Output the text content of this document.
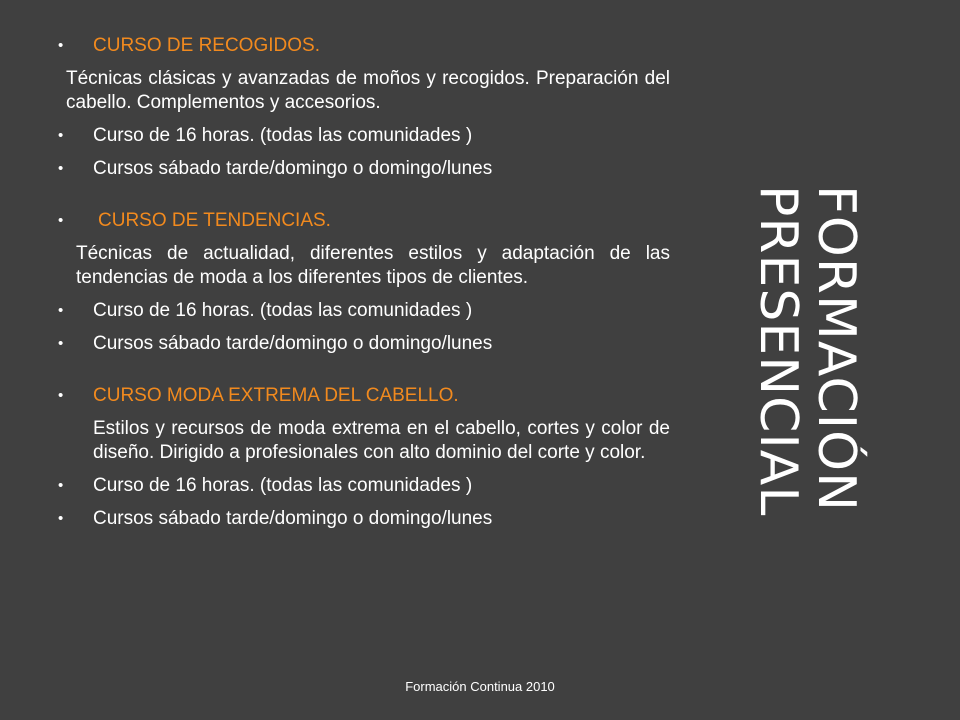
•	CURSO DE RECOGIDOS.
Técnicas clásicas y avanzadas de moños y recogidos. Preparación del cabello. Complementos y accesorios.
•	Curso de 16 horas. (todas las comunidades )
•	Cursos sábado tarde/domingo o domingo/lunes
•	CURSO DE TENDENCIAS.
Técnicas de actualidad, diferentes estilos y adaptación de las tendencias de moda a los diferentes tipos de clientes.
•	Curso de 16 horas. (todas las comunidades )
•	Cursos sábado tarde/domingo o domingo/lunes
•	CURSO MODA EXTREMA DEL CABELLO.
Estilos y recursos de moda extrema en el cabello, cortes y color de diseño. Dirigido a profesionales con alto dominio del corte y color.
•	Curso de 16 horas. (todas las comunidades )
•	Cursos sábado tarde/domingo o domingo/lunes
FORMACIÓN PRESENCIAL
Formación Continua 2010
